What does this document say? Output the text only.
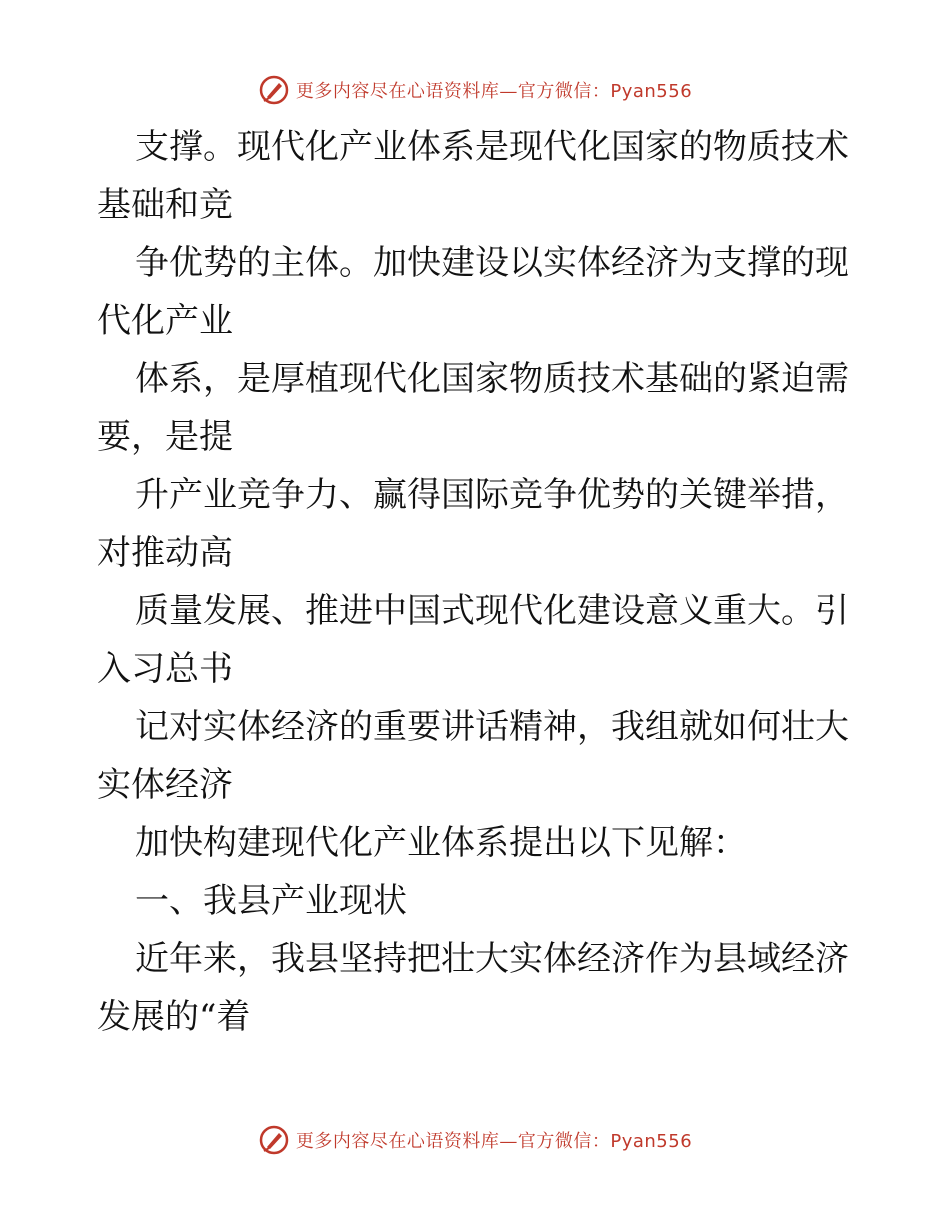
更多内容尽在心语资料库—官方微信：Pyan556
支撑。现代化产业体系是现代化国家的物质技术
基础和竞
争优势的主体。加快建设以实体经济为支撑的现
代化产业
体系，是厚植现代化国家物质技术基础的紧迫需
要，是提
升产业竞争力、赢得国际竞争优势的关键举措，
对推动高
质量发展、推进中国式现代化建设意义重大。引
入习总书
记对实体经济的重要讲话精神，我组就如何壮大
实体经济
加快构建现代化产业体系提出以下见解：
一、我县产业现状
近年来，我县坚持把壮大实体经济作为县域经济
发展的“着
更多内容尽在心语资料库—官方微信：Pyan556
